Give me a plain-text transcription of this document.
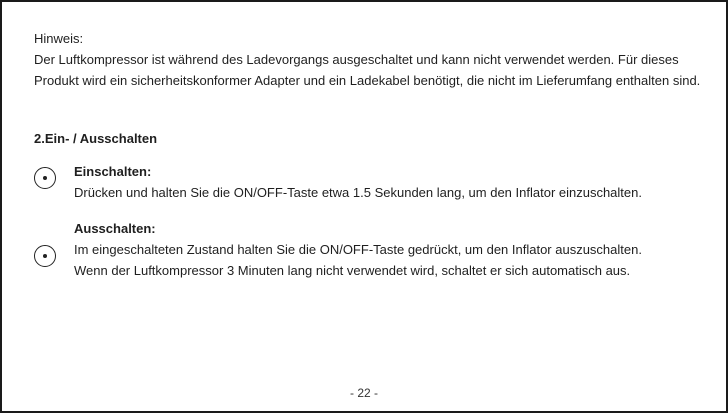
Hinweis:

Der Luftkompressor ist während des Ladevorgangs ausgeschaltet und kann nicht verwendet werden. Für dieses Produkt wird ein sicherheitskonformer Adapter und ein Ladekabel benötigt, die nicht im Lieferumfang enthalten sind.

2.Ein- / Ausschalten

Einschalten:

Drücken und halten Sie die ON/OFF-Taste etwa 1.5 Sekunden lang, um den Inflator einzuschalten.

Ausschalten:

Im eingeschalteten Zustand halten Sie die ON/OFF-Taste gedrückt, um den Inflator auszuschalten.

Wenn der Luftkompressor 3 Minuten lang nicht verwendet wird, schaltet er sich automatisch aus.

- 22 -
